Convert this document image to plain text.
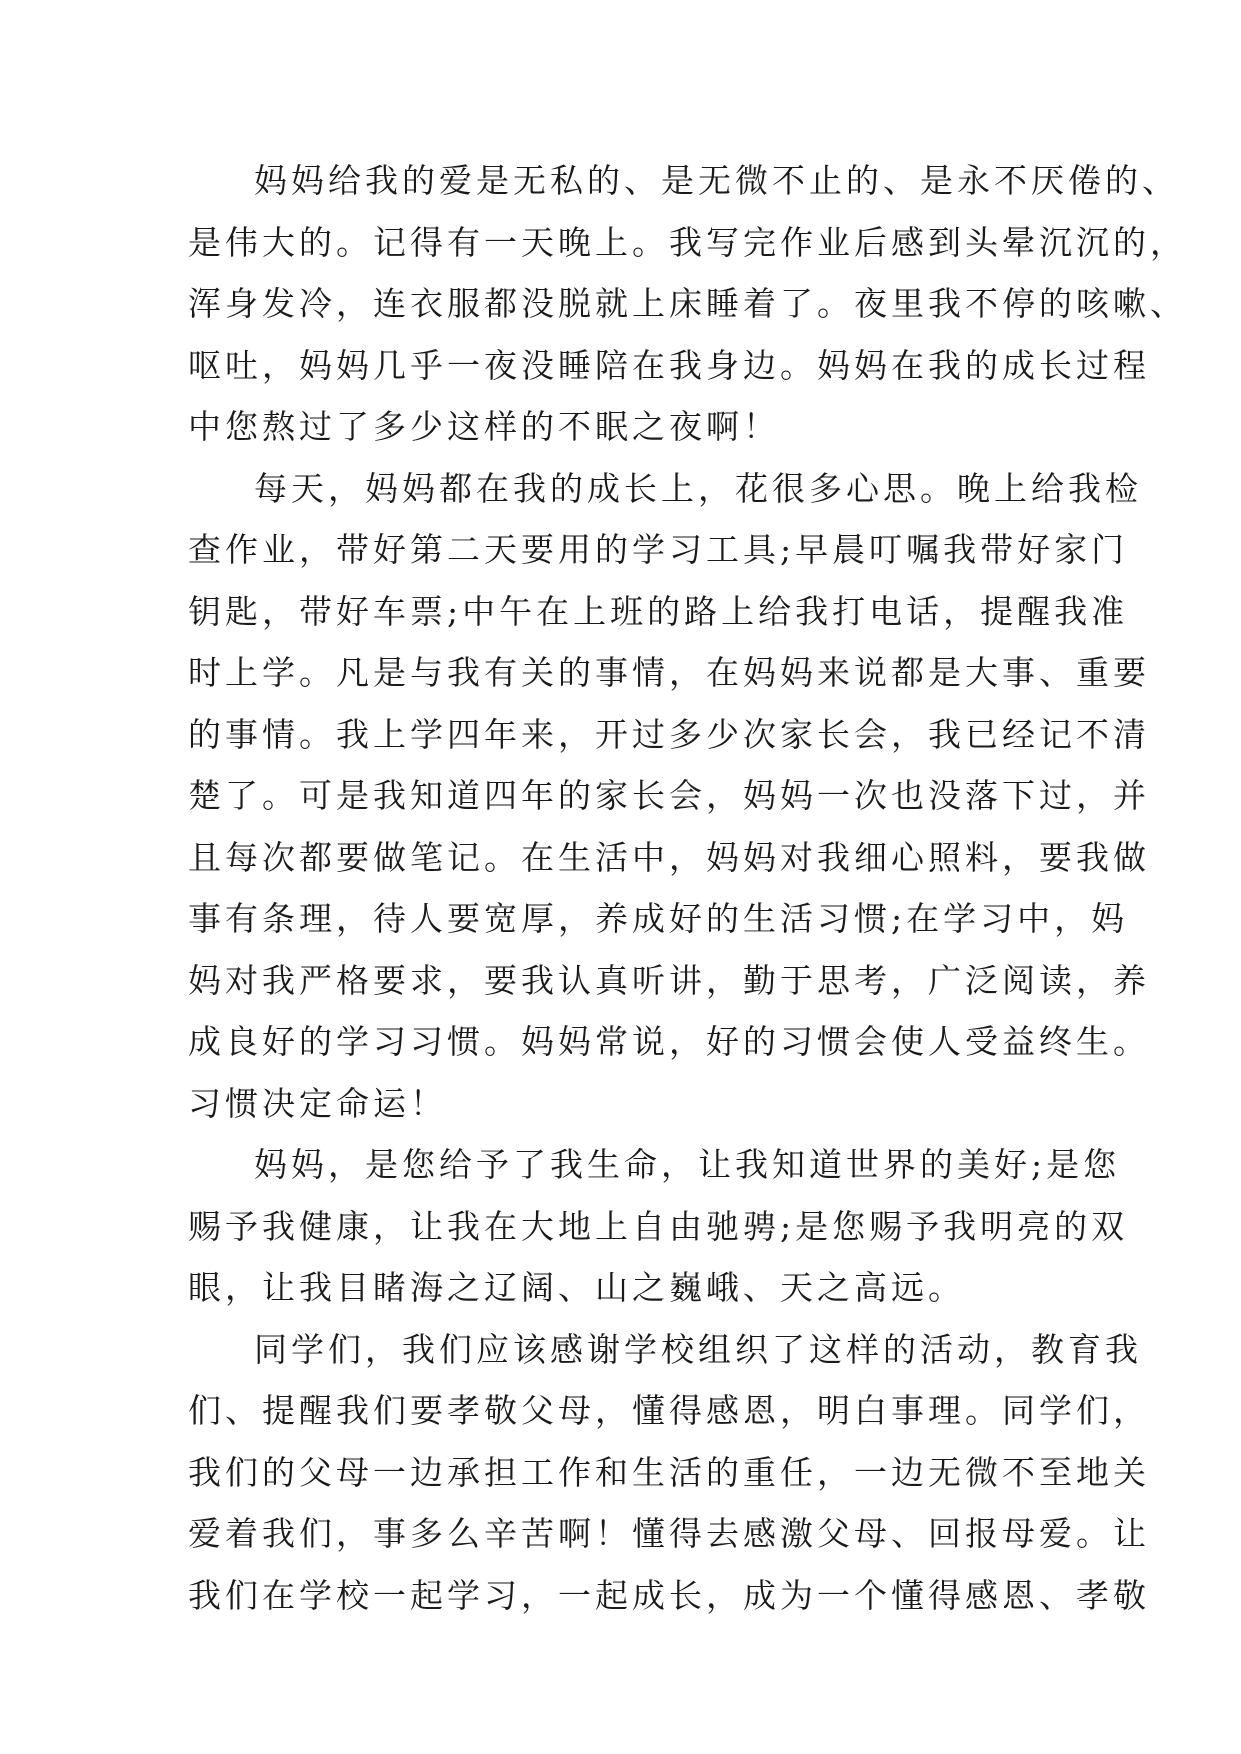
妈妈给我的爱是无私的、是无微不止的、是永不厌倦的、
是伟大的。记得有一天晚上。我写完作业后感到头晕沉沉的，
浑身发冷，连衣服都没脱就上床睡着了。夜里我不停的咳嗽、
呕吐，妈妈几乎一夜没睡陪在我身边。妈妈在我的成长过程
中您熬过了多少这样的不眠之夜啊！
每天，妈妈都在我的成长上，花很多心思。晚上给我检
查作业，带好第二天要用的学习工具;早晨叮嘱我带好家门
钥匙，带好车票;中午在上班的路上给我打电话，提醒我准
时上学。凡是与我有关的事情，在妈妈来说都是大事、重要
的事情。我上学四年来，开过多少次家长会，我已经记不清
楚了。可是我知道四年的家长会，妈妈一次也没落下过，并
且每次都要做笔记。在生活中，妈妈对我细心照料，要我做
事有条理，待人要宽厚，养成好的生活习惯;在学习中，妈
妈对我严格要求，要我认真听讲，勤于思考，广泛阅读，养
成良好的学习习惯。妈妈常说，好的习惯会使人受益终生。
习惯决定命运！
妈妈，是您给予了我生命，让我知道世界的美好;是您
赐予我健康，让我在大地上自由驰骋;是您赐予我明亮的双
眼，让我目睹海之辽阔、山之巍峨、天之高远。
同学们，我们应该感谢学校组织了这样的活动，教育我
们、提醒我们要孝敬父母，懂得感恩，明白事理。同学们，
我们的父母一边承担工作和生活的重任，一边无微不至地关
爱着我们，事多么辛苦啊！懂得去感激父母、回报母爱。让
我们在学校一起学习，一起成长，成为一个懂得感恩、孝敬
